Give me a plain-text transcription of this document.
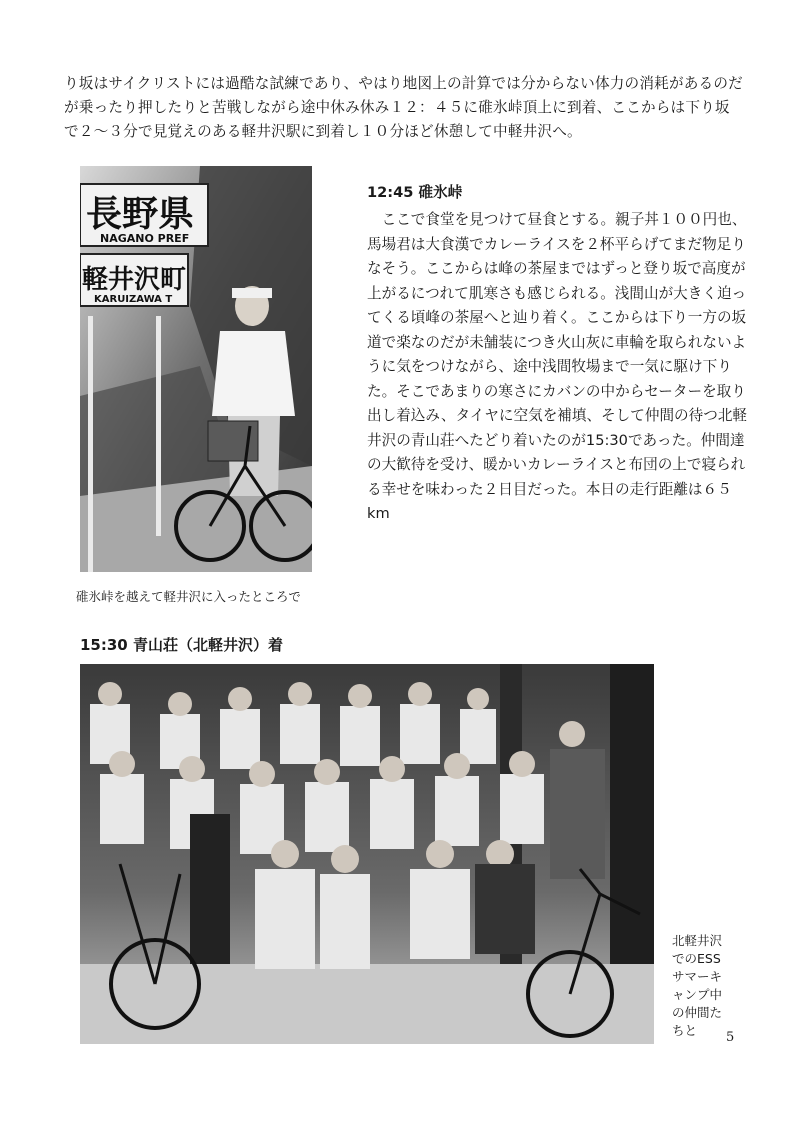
り坂はサイクリストには過酷な試練であり、やはり地図上の計算では分からない体力の消耗があるのだが乗ったり押したりと苦戦しながら途中休み休み１２：４５に碓氷峠頂上に到着、ここからは下り坂で２～３分で見覚えのある軽井沢駅に到着し１０分ほど休憩して中軽井沢へ。

長野県
NAGANO PREF
軽井沢町
KARUIZAWA T

碓氷峠を越えて軽井沢に入ったところで

12:45 碓氷峠

ここで食堂を見つけて昼食とする。親子丼１００円也、馬場君は大食漢でカレーライスを２杯平らげてまだ物足りなそう。ここからは峰の茶屋まではずっと登り坂で高度が上がるにつれて肌寒さも感じられる。浅間山が大きく迫ってくる頃峰の茶屋へと辿り着く。ここからは下り一方の坂道で楽なのだが未舗装につき火山灰に車輪を取られないように気をつけながら、途中浅間牧場まで一気に駆け下りた。そこであまりの寒さにカバンの中からセーターを取り出し着込み、タイヤに空気を補填、そして仲間の待つ北軽井沢の青山荘へたどり着いたのが15:30であった。仲間達の大歓待を受け、暖かいカレーライスと布団の上で寝られる幸せを味わった２日目だった。本日の走行距離は６５km

15:30 青山荘（北軽井沢）着

北軽井沢でのESSサマーキャンプ中の仲間たちと	5
